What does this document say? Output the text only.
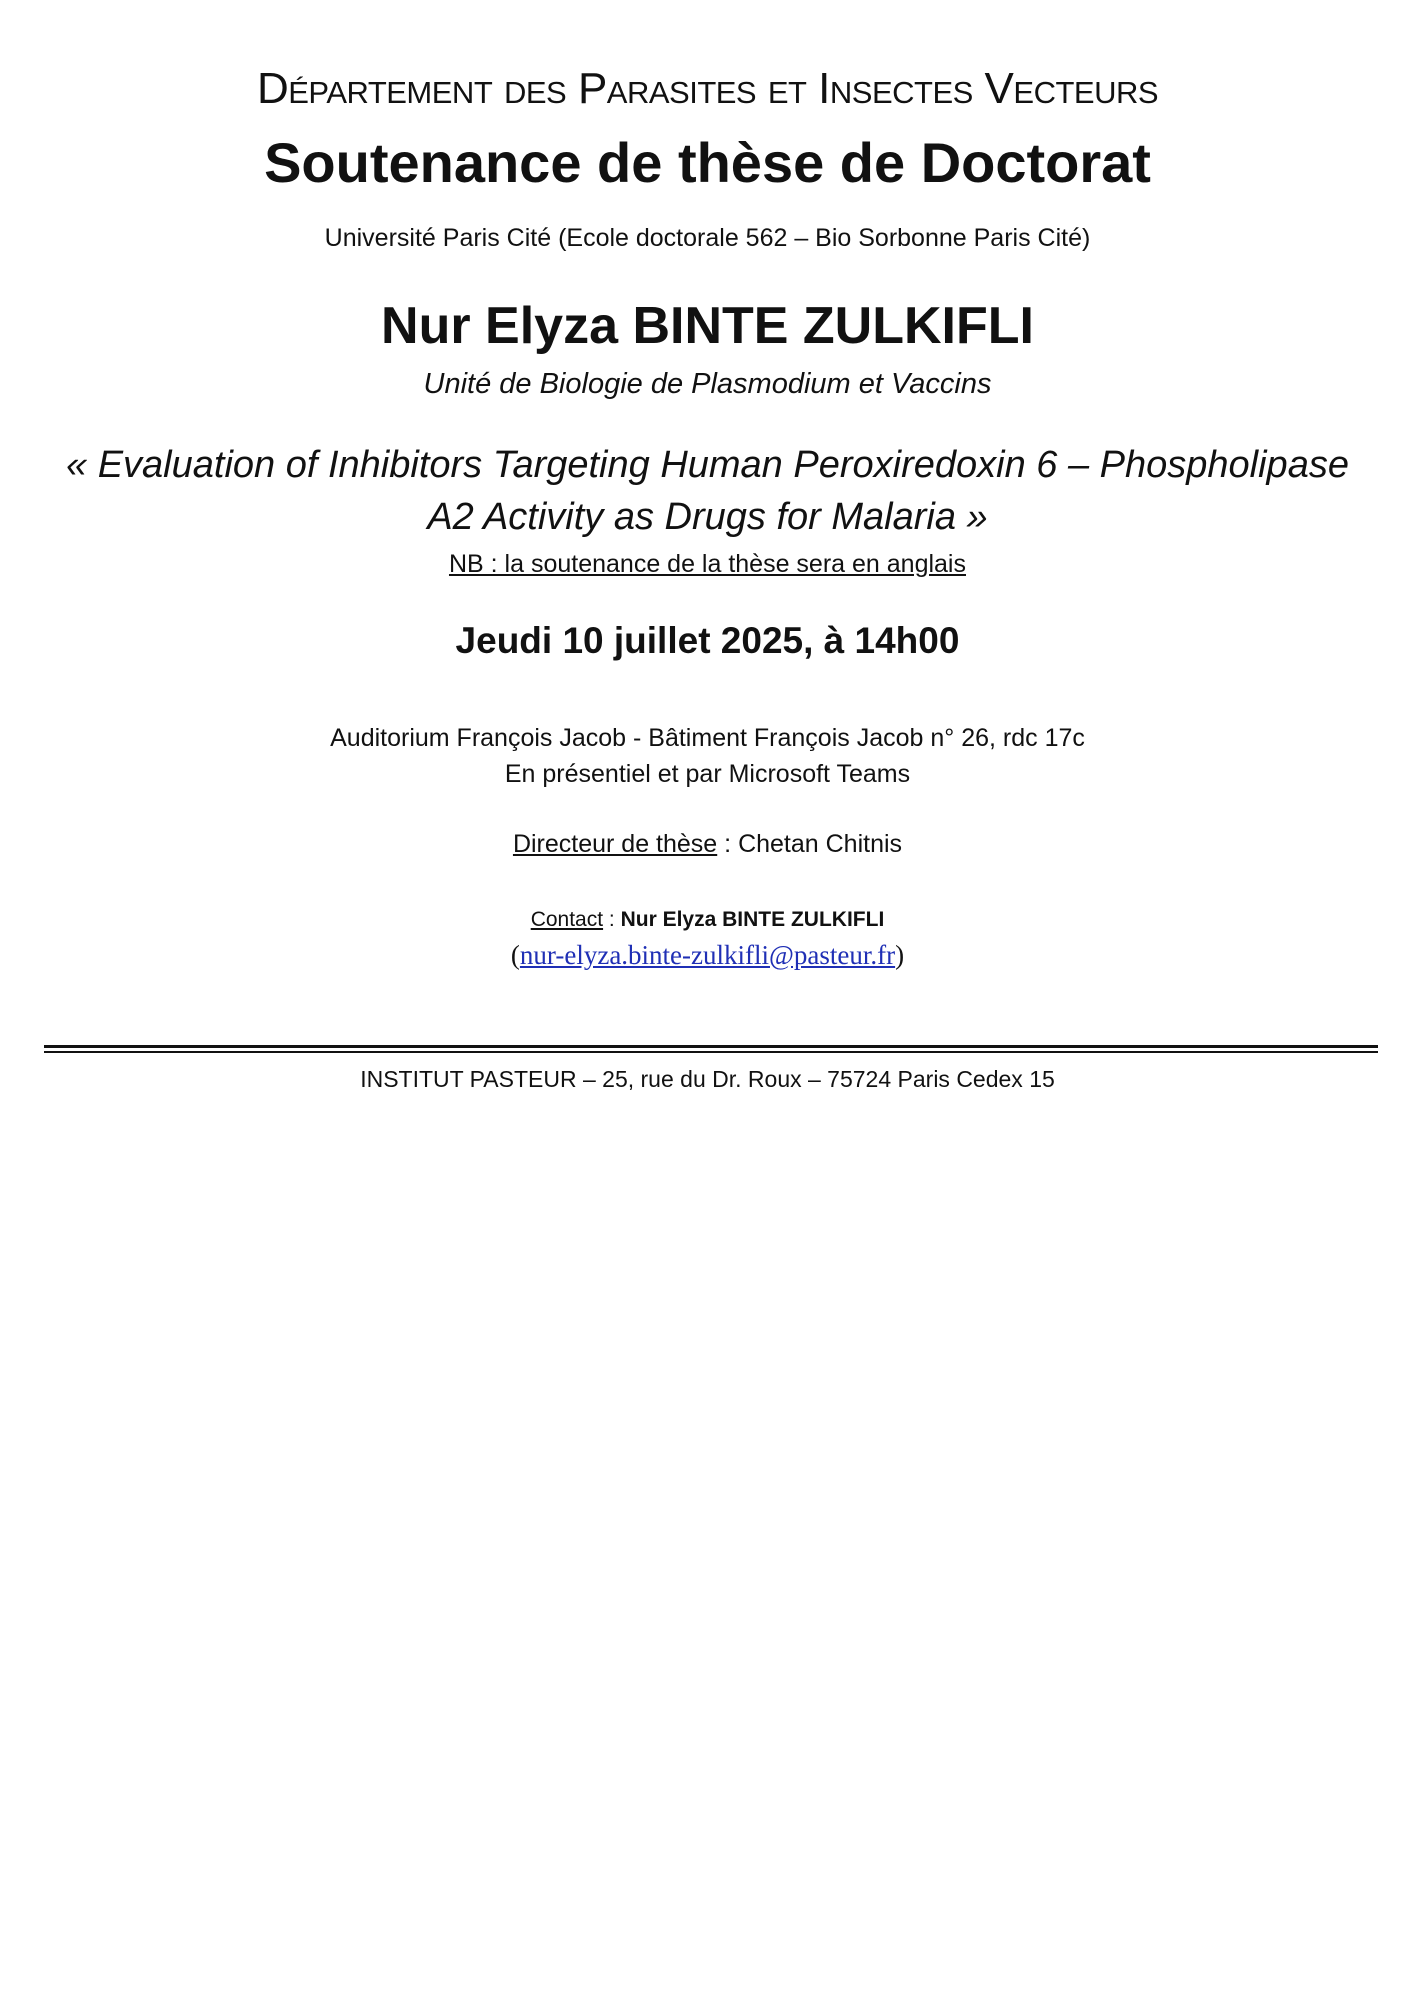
Département des Parasites et Insectes Vecteurs
Soutenance de thèse de Doctorat
Université Paris Cité (Ecole doctorale 562 – Bio Sorbonne Paris Cité)
Nur Elyza BINTE ZULKIFLI
Unité de Biologie de Plasmodium et Vaccins
« Evaluation of Inhibitors Targeting Human Peroxiredoxin 6 – Phospholipase
A2 Activity as Drugs for Malaria »
NB : la soutenance de la thèse sera en anglais
Jeudi 10 juillet 2025, à 14h00
Auditorium François Jacob - Bâtiment François Jacob n° 26, rdc 17c
En présentiel et par Microsoft Teams
Directeur de thèse : Chetan Chitnis
Contact : Nur Elyza BINTE ZULKIFLI
(nur-elyza.binte-zulkifli@pasteur.fr)
INSTITUT PASTEUR – 25, rue du Dr. Roux – 75724 Paris Cedex 15
